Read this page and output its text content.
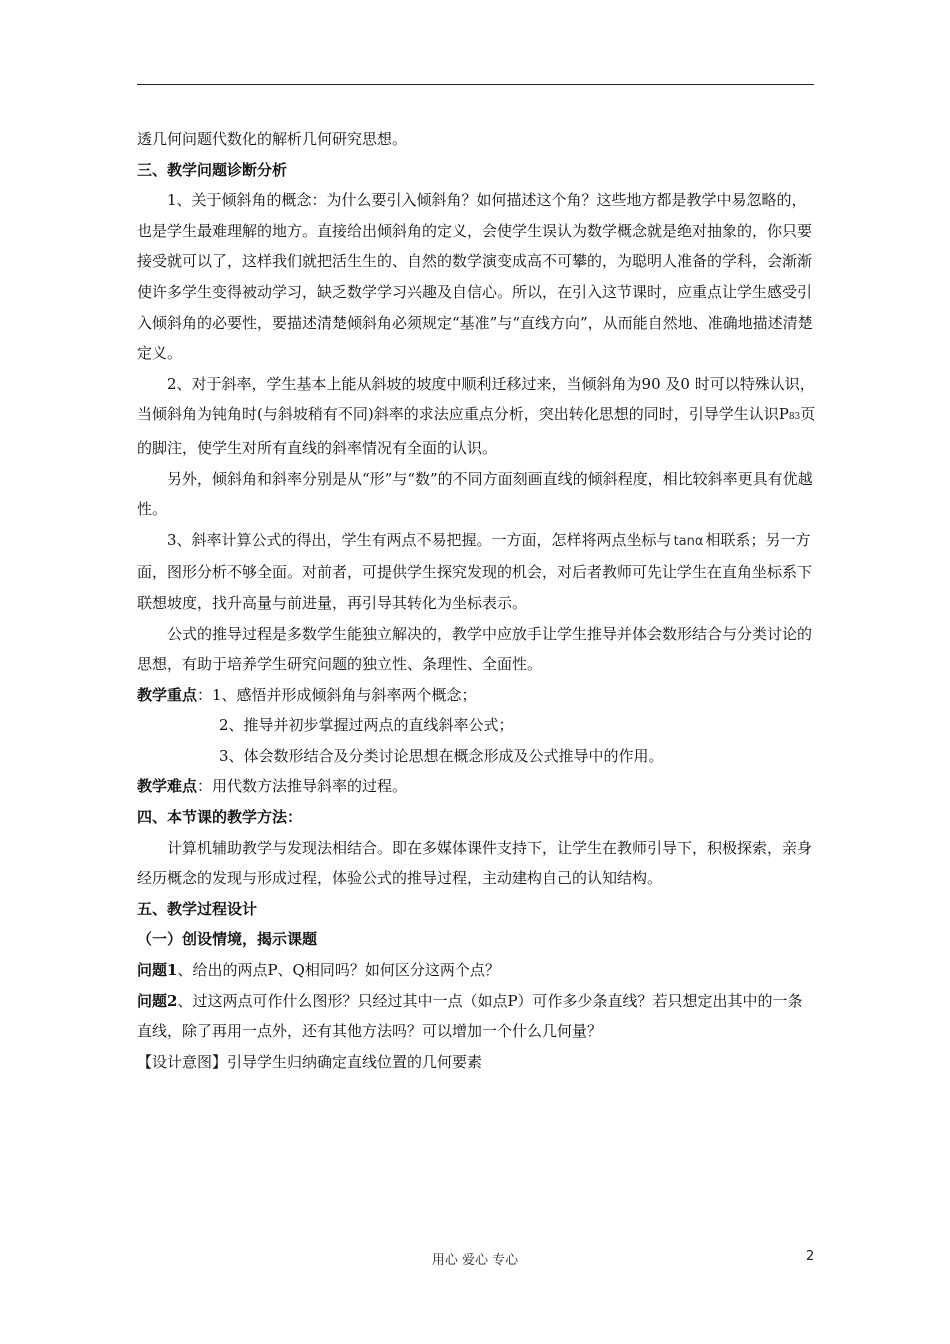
透几何问题代数化的解析几何研究思想。

三、教学问题诊断分析

1、关于倾斜角的概念：为什么要引入倾斜角？如何描述这个角？这些地方都是教学中易忽略的，也是学生最难理解的地方。直接给出倾斜角的定义，会使学生误认为数学概念就是绝对抽象的，你只要接受就可以了，这样我们就把活生生的、自然的数学演变成高不可攀的，为聪明人准备的学科，会渐渐使许多学生变得被动学习，缺乏数学学习兴趣及自信心。所以，在引入这节课时，应重点让学生感受引入倾斜角的必要性，要描述清楚倾斜角必须规定“基准”与“直线方向”，从而能自然地、准确地描述清楚定义。

2、对于斜率，学生基本上能从斜坡的坡度中顺利迁移过来，当倾斜角为90 及0 时可以特殊认识，当倾斜角为钝角时(与斜坡稍有不同)斜率的求法应重点分析，突出转化思想的同时，引导学生认识P83页的脚注，使学生对所有直线的斜率情况有全面的认识。

另外，倾斜角和斜率分别是从“形”与“数”的不同方面刻画直线的倾斜程度，相比较斜率更具有优越性。

3、斜率计算公式的得出，学生有两点不易把握。一方面，怎样将两点坐标与 tanα 相联系；另一方面，图形分析不够全面。对前者，可提供学生探究发现的机会，对后者教师可先让学生在直角坐标系下联想坡度，找升高量与前进量，再引导其转化为坐标表示。

公式的推导过程是多数学生能独立解决的，教学中应放手让学生推导并体会数形结合与分类讨论的思想，有助于培养学生研究问题的独立性、条理性、全面性。

教学重点：1、感悟并形成倾斜角与斜率两个概念；

2、推导并初步掌握过两点的直线斜率公式；

3、体会数形结合及分类讨论思想在概念形成及公式推导中的作用。

教学难点：用代数方法推导斜率的过程。

四、本节课的教学方法：

计算机辅助教学与发现法相结合。即在多媒体课件支持下，让学生在教师引导下，积极探索，亲身经历概念的发现与形成过程，体验公式的推导过程，主动建构自己的认知结构。

五、教学过程设计

（一）创设情境，揭示课题

问题1、给出的两点P、Q相同吗？如何区分这两个点？

问题2、过这两点可作什么图形？只经过其中一点（如点P）可作多少条直线？若只想定出其中的一条直线，除了再用一点外，还有其他方法吗？可以增加一个什么几何量？

【设计意图】引导学生归纳确定直线位置的几何要素

用心 爱心 专心	2
